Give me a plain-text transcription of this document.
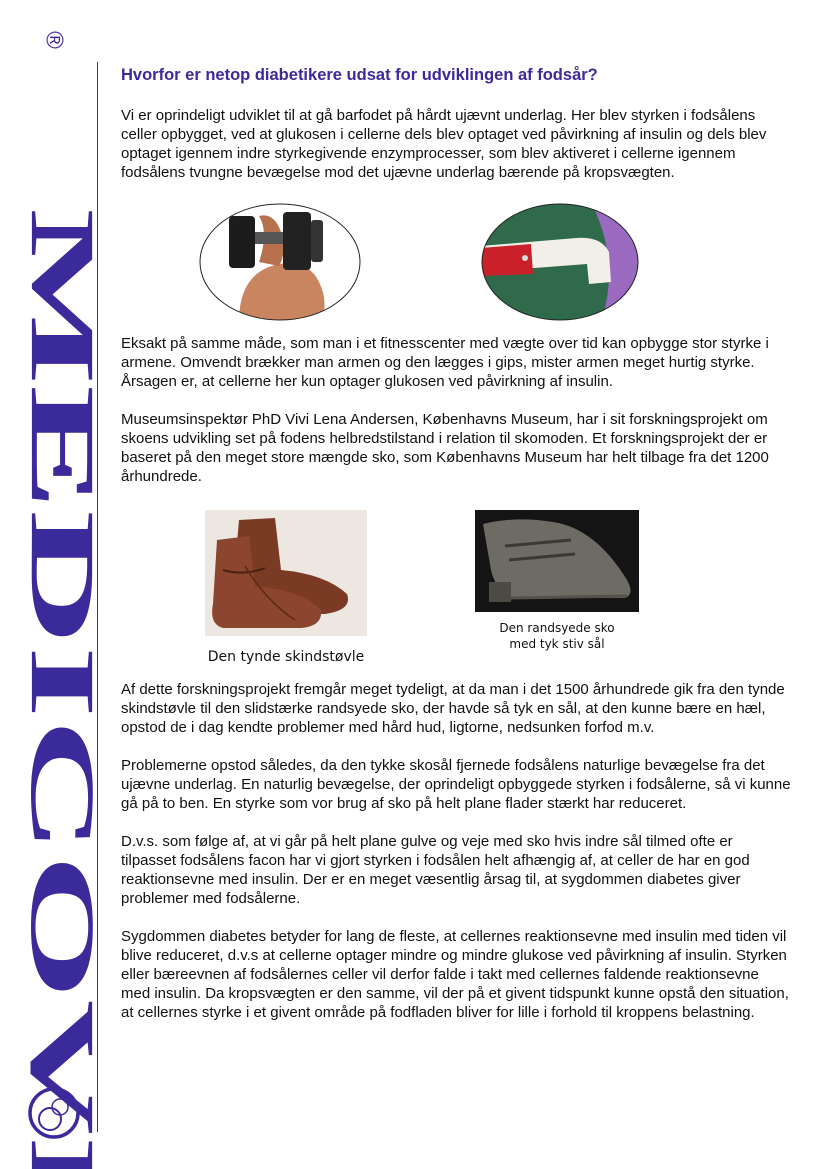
®
MEDICOVI
Hvorfor er netop diabetikere udsat for udviklingen af fodsår?

Vi er oprindeligt udviklet til at gå barfodet på hårdt ujævnt underlag. Her blev styrken i fodsålens celler opbygget, ved at glukosen i cellerne dels blev optaget ved påvirkning af insulin og dels blev optaget igennem indre styrkegivende enzymprocesser, som blev aktiveret i cellerne igennem fodsålens tvungne bevægelse mod det ujævne underlag bærende på kropsvægten.

Eksakt på samme måde, som man i et fitnesscenter med vægte over tid kan opbygge stor styrke i armene. Omvendt brækker man armen og den lægges i gips, mister armen meget hurtig styrke. Årsagen er, at cellerne her kun optager glukosen ved påvirkning af insulin.

Museumsinspektør PhD Vivi Lena Andersen, Københavns Museum, har i sit forskningsprojekt om skoens udvikling set på fodens helbredstilstand i relation til skomoden. Et forskningsprojekt der er baseret på den meget store mængde sko, som Københavns Museum har helt tilbage fra det 1200 århundrede.

Den tynde skindstøvle
Den randsyede sko
med tyk stiv sål

Af dette forskningsprojekt fremgår meget tydeligt, at da man i det 1500 århundrede gik fra den tynde skindstøvle til den slidstærke randsyede sko, der havde så tyk en sål, at den kunne bære en hæl, opstod de i dag kendte problemer med hård hud, ligtorne, nedsunken forfod m.v.

Problemerne opstod således, da den tykke skosål fjernede fodsålens naturlige bevægelse fra det ujævne underlag. En naturlig bevægelse, der oprindeligt opbyggede styrken i fodsålerne, så vi kunne gå på to ben. En styrke som vor brug af sko på helt plane flader stærkt har reduceret.

D.v.s. som følge af, at vi går på helt plane gulve og veje med sko hvis indre sål tilmed ofte er tilpasset fodsålens facon har vi gjort styrken i fodsålen helt afhængig af, at celler de har en god reaktionsevne med insulin. Der er en meget væsentlig årsag til, at sygdommen diabetes giver problemer med fodsålerne.

Sygdommen diabetes betyder for lang de fleste, at cellernes reaktionsevne med insulin med tiden vil blive reduceret, d.v.s at cellerne optager mindre og mindre glukose ved påvirkning af insulin. Styrken eller bæreevnen af fodsålernes celler vil derfor falde i takt med cellernes faldende reaktionsevne med insulin. Da kropsvægten er den samme, vil der på et givent tidspunkt kunne opstå den situation, at cellernes styrke i et givent område på fodfladen bliver for lille i forhold til kroppens belastning.
